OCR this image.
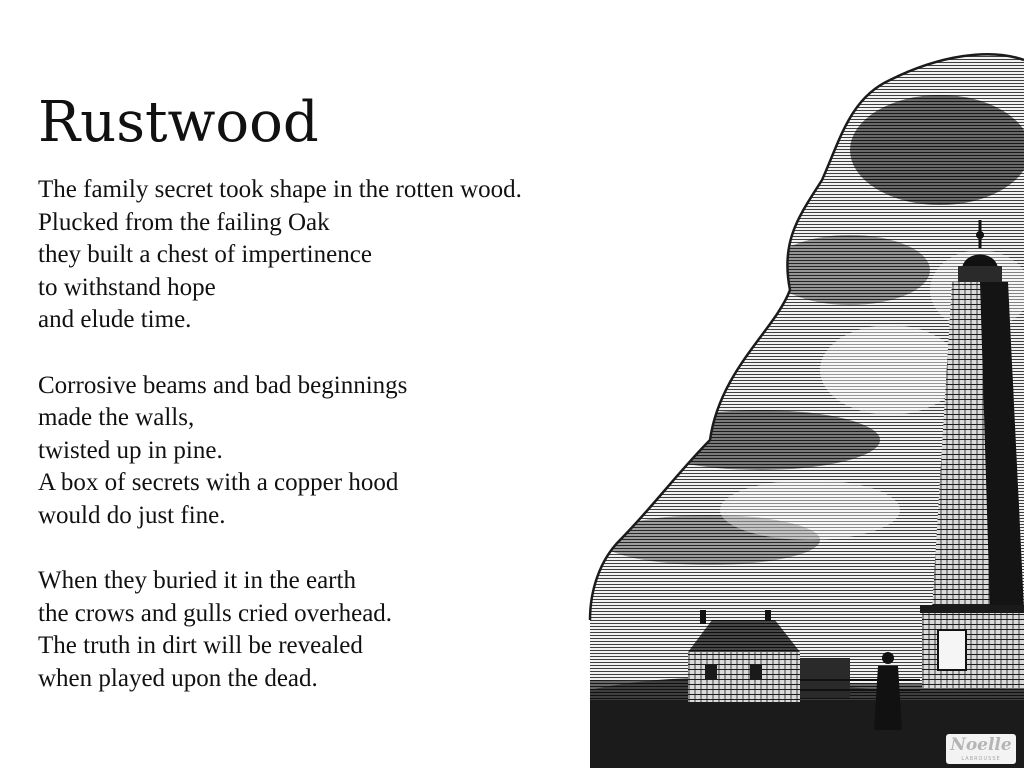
Rustwood
The family secret took shape in the rotten wood.
Plucked from the failing Oak
they built a chest of impertinence
to withstand hope
and elude time.
Corrosive beams and bad beginnings
made the walls,
twisted up in pine.
A box of secrets with a copper hood
would do just fine.
When they buried it in the earth
the crows and gulls cried overhead.
The truth in dirt will be revealed
when played upon the dead.
Noelle
LABROUSSE
